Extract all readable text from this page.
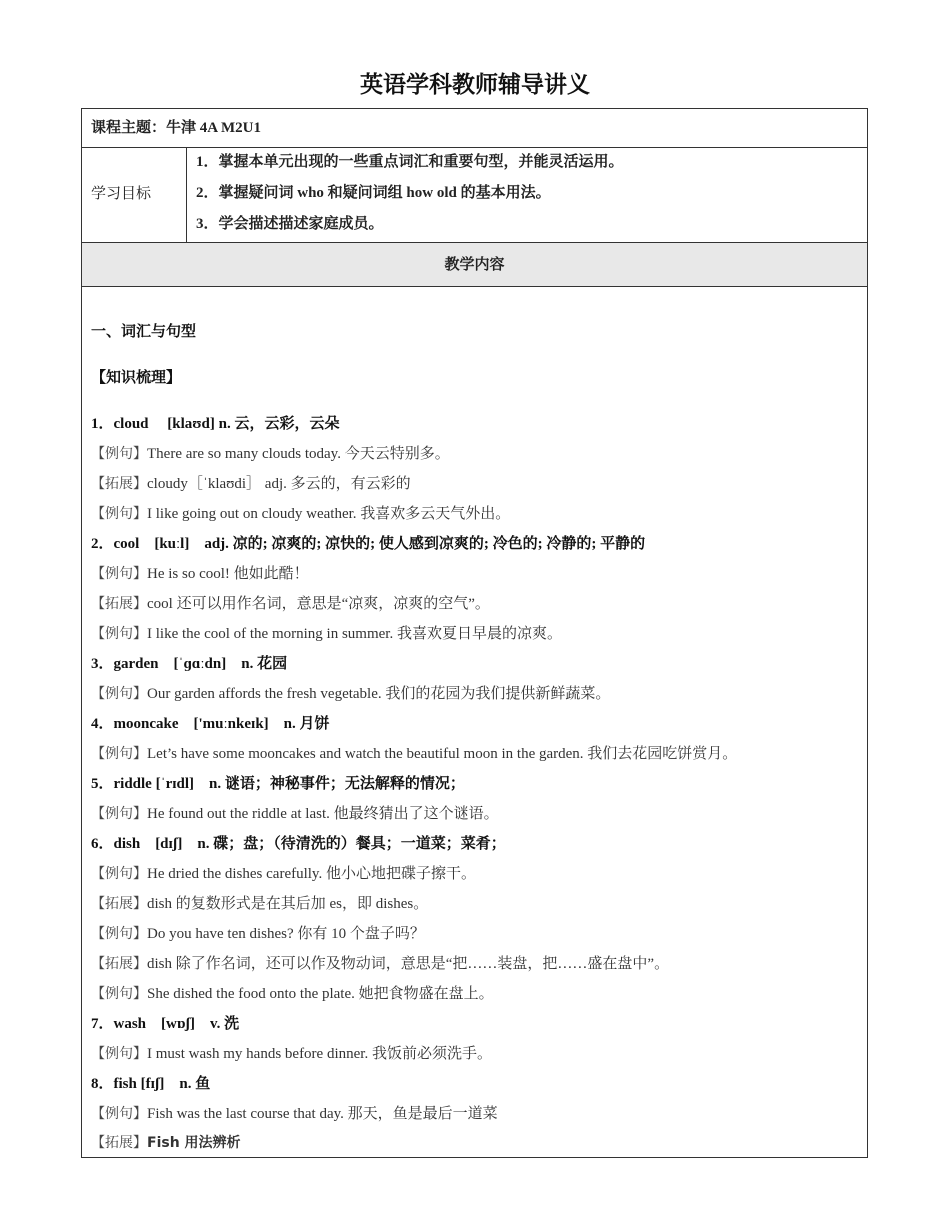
英语学科教师辅导讲义
课程主题：牛津 4A M2U1
学习目标
1．掌握本单元出现的一些重点词汇和重要句型，并能灵活运用。
2．掌握疑问词 who 和疑问词组 how old 的基本用法。
3．学会描述描述家庭成员。
教学内容
一、词汇与句型
【知识梳理】
1．cloud　 [klaʊd] n. 云，云彩，云朵
【例句】There are so many clouds today. 今天云特别多。
【拓展】cloudy［ˈklaʊdi］ adj. 多云的，有云彩的
【例句】I like going out on cloudy weather. 我喜欢多云天气外出。
2．cool　[kuːl]　adj. 凉的; 凉爽的; 凉快的; 使人感到凉爽的; 冷色的; 冷静的; 平静的
【例句】He is so cool! 他如此酷！
【拓展】cool 还可以用作名词，意思是“凉爽，凉爽的空气”。
【例句】I like the cool of the morning in summer. 我喜欢夏日早晨的凉爽。
3．garden　[ˈɡɑːdn]　n. 花园
【例句】Our garden affords the fresh vegetable. 我们的花园为我们提供新鲜蔬菜。
4．mooncake　['muːnkeɪk]　n. 月饼
【例句】Let’s have some mooncakes and watch the beautiful moon in the garden. 我们去花园吃饼赏月。
5．riddle [ˈrɪdl]　n. 谜语；神秘事件；无法解释的情况；
【例句】He found out the riddle at last. 他最终猜出了这个谜语。
6．dish　[dɪʃ]　n. 碟；盘；（待清洗的）餐具；一道菜；菜肴；
【例句】He dried the dishes carefully. 他小心地把碟子擦干。
【拓展】dish 的复数形式是在其后加 es，即 dishes。
【例句】Do you have ten dishes? 你有 10 个盘子吗？
【拓展】dish 除了作名词，还可以作及物动词，意思是“把……装盘，把……盛在盘中”。
【例句】She dished the food onto the plate. 她把食物盛在盘上。
7．wash　[wɒʃ]　v. 洗
【例句】I must wash my hands before dinner. 我饭前必须洗手。
8．fish [fɪʃ]　n. 鱼
【例句】Fish was the last course that day. 那天，鱼是最后一道菜
【拓展】Fish 用法辨析
